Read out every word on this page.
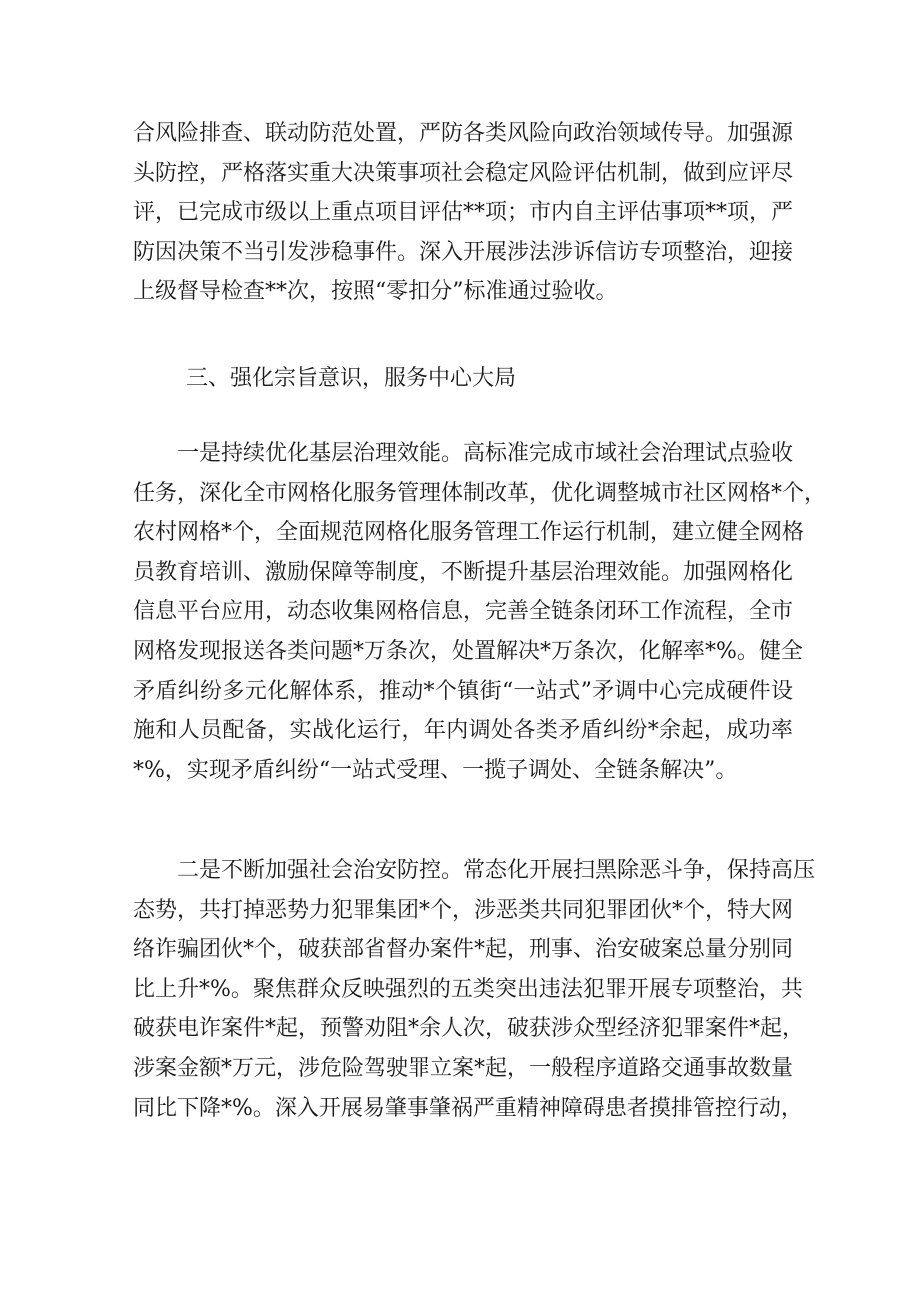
合风险排查、联动防范处置，严防各类风险向政治领域传导。加强源
头防控，严格落实重大决策事项社会稳定风险评估机制，做到应评尽
评，已完成市级以上重点项目评估**项；市内自主评估事项**项，严
防因决策不当引发涉稳事件。深入开展涉法涉诉信访专项整治，迎接
上级督导检查**次，按照“零扣分”标准通过验收。
三、强化宗旨意识，服务中心大局
　　一是持续优化基层治理效能。高标准完成市域社会治理试点验收
任务，深化全市网格化服务管理体制改革，优化调整城市社区网格*个，
农村网格*个，全面规范网格化服务管理工作运行机制，建立健全网格
员教育培训、激励保障等制度，不断提升基层治理效能。加强网格化
信息平台应用，动态收集网格信息，完善全链条闭环工作流程，全市
网格发现报送各类问题*万条次，处置解决*万条次，化解率*%。健全
矛盾纠纷多元化解体系，推动*个镇街“一站式”矛调中心完成硬件设
施和人员配备，实战化运行，年内调处各类矛盾纠纷*余起，成功率
*%，实现矛盾纠纷“一站式受理、一揽子调处、全链条解决”。
　　二是不断加强社会治安防控。常态化开展扫黑除恶斗争，保持高压
态势，共打掉恶势力犯罪集团*个，涉恶类共同犯罪团伙*个，特大网
络诈骗团伙*个，破获部省督办案件*起，刑事、治安破案总量分别同
比上升*%。聚焦群众反映强烈的五类突出违法犯罪开展专项整治，共
破获电诈案件*起，预警劝阻*余人次，破获涉众型经济犯罪案件*起，
涉案金额*万元，涉危险驾驶罪立案*起，一般程序道路交通事故数量
同比下降*%。深入开展易肇事肇祸严重精神障碍患者摸排管控行动，
